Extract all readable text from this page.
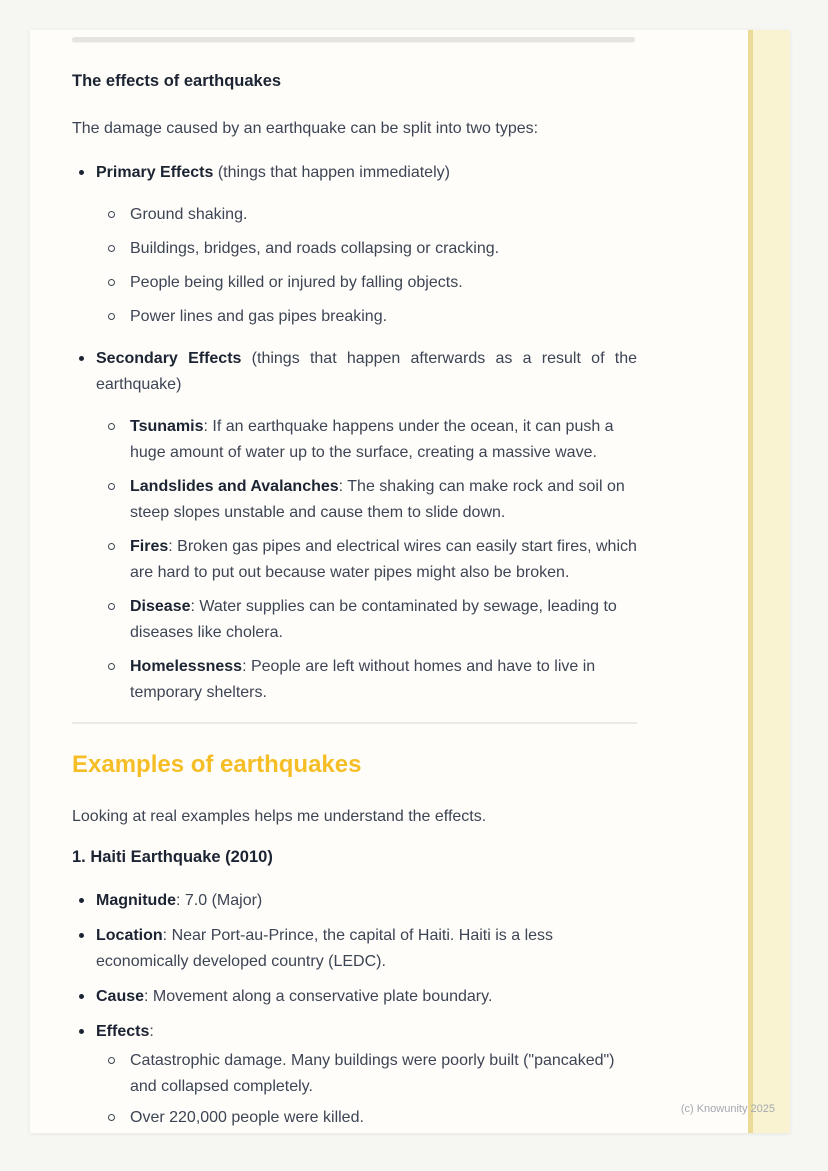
The effects of earthquakes

The damage caused by an earthquake can be split into two types:

Primary Effects (things that happen immediately)
Ground shaking.
Buildings, bridges, and roads collapsing or cracking.
People being killed or injured by falling objects.
Power lines and gas pipes breaking.
Secondary Effects (things that happen afterwards as a result of the earthquake)
Tsunamis: If an earthquake happens under the ocean, it can push a huge amount of water up to the surface, creating a massive wave.
Landslides and Avalanches: The shaking can make rock and soil on steep slopes unstable and cause them to slide down.
Fires: Broken gas pipes and electrical wires can easily start fires, which are hard to put out because water pipes might also be broken.
Disease: Water supplies can be contaminated by sewage, leading to diseases like cholera.
Homelessness: People are left without homes and have to live in temporary shelters.
Examples of earthquakes

Looking at real examples helps me understand the effects.

1. Haiti Earthquake (2010)
Magnitude: 7.0 (Major)
Location: Near Port-au-Prince, the capital of Haiti. Haiti is a less economically developed country (LEDC).
Cause: Movement along a conservative plate boundary.
Effects:
Catastrophic damage. Many buildings were poorly built ("pancaked") and collapsed completely.
Over 220,000 people were killed.	(c) Knowunity 2025
